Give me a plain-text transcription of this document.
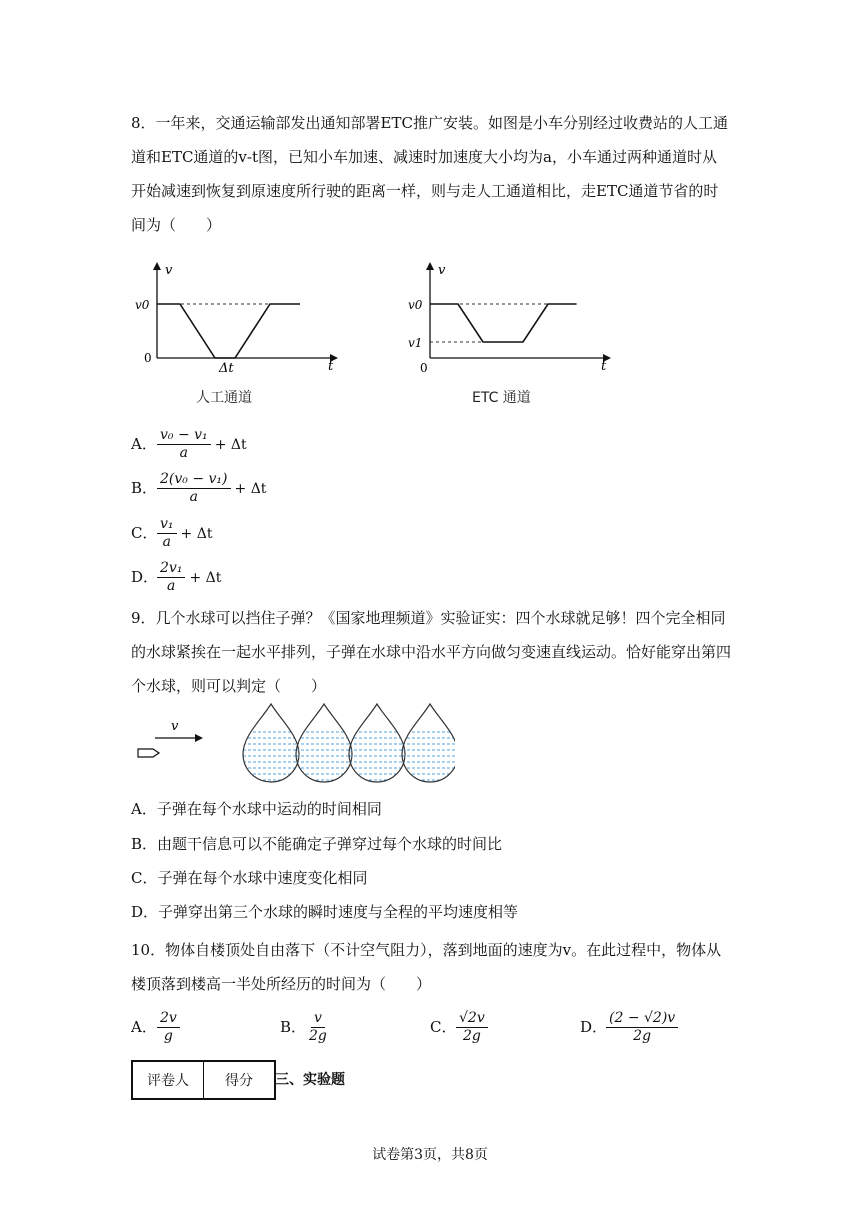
8．一年来，交通运输部发出通知部署ETC推广安装。如图是小车分别经过收费站的人工通道和ETC通道的v-t图，已知小车加速、减速时加速度大小均为a，小车通过两种通道时从开始减速到恢复到原速度所行驶的距离一样，则与走人工通道相比，走ETC通道节省的时间为（　　）

v
v0
0
Δt	t
人工通道
v
v0
v1
0	t
ETC 通道
A． $\frac{\text{v₀ − v₁}}{a} + \Delta t$
B． $\frac{\text{2(v₀ − v₁)}}{a} + \Delta t$
C． $\frac{\text{v₁}}{a} + \Delta t$
D．
$\frac{\text{2v₁}}{a} + \Delta t$

9．几个水球可以挡住子弹？《国家地理频道》实验证实：四个水球就足够！四个完全相同的水球紧挨在一起水平排列，子弹在水球中沿水平方向做匀变速直线运动。恰好能穿出第四个水球，则可以判定（　　）

v
A．子弹在每个水球中运动的时间相同
B．由题干信息可以不能确定子弹穿过每个水球的时间比
C．子弹在每个水球中速度变化相同
D．子弹穿出第三个水球的瞬时速度与全程的平均速度相等

10．物体自楼顶处自由落下（不计空气阻力），落到地面的速度为v。在此过程中，物体从楼顶落到楼高一半处所经历的时间为（　　）

A． $\frac{2v}{g}$	B． $\frac{v}{2g}$	C． $\frac{√2v}{2g}$	D．
$\frac{(2 - √2)v}{2g}$
评卷人	得分	三、实验题
试卷第3页，共8页
